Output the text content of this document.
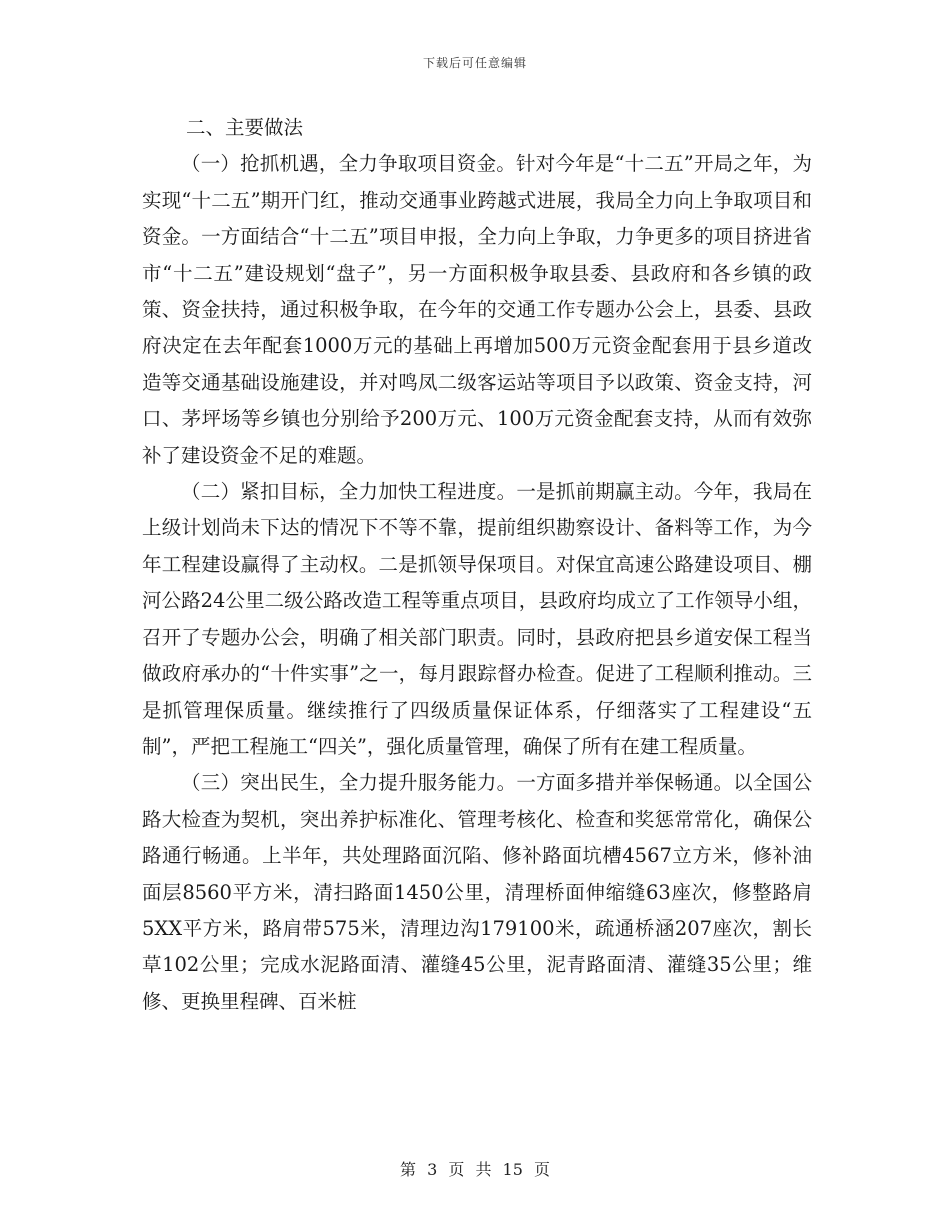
下载后可任意编辑

二、主要做法

（一）抢抓机遇，全力争取项目资金。针对今年是“十二五”开局之年，为实现“十二五”期开门红，推动交通事业跨越式进展，我局全力向上争取项目和资金。一方面结合“十二五”项目申报，全力向上争取，力争更多的项目挤进省市“十二五”建设规划“盘子”，另一方面积极争取县委、县政府和各乡镇的政策、资金扶持，通过积极争取，在今年的交通工作专题办公会上，县委、县政府决定在去年配套1000万元的基础上再增加500万元资金配套用于县乡道改造等交通基础设施建设，并对鸣凤二级客运站等项目予以政策、资金支持，河口、茅坪场等乡镇也分别给予200万元、100万元资金配套支持，从而有效弥补了建设资金不足的难题。

（二）紧扣目标，全力加快工程进度。一是抓前期赢主动。今年，我局在上级计划尚未下达的情况下不等不靠，提前组织勘察设计、备料等工作，为今年工程建设赢得了主动权。二是抓领导保项目。对保宜高速公路建设项目、棚河公路24公里二级公路改造工程等重点项目，县政府均成立了工作领导小组，召开了专题办公会，明确了相关部门职责。同时，县政府把县乡道安保工程当做政府承办的“十件实事”之一，每月跟踪督办检查。促进了工程顺利推动。三是抓管理保质量。继续推行了四级质量保证体系，仔细落实了工程建设“五制”，严把工程施工“四关”，强化质量管理，确保了所有在建工程质量。

（三）突出民生，全力提升服务能力。一方面多措并举保畅通。以全国公路大检查为契机，突出养护标准化、管理考核化、检查和奖惩常常化，确保公路通行畅通。上半年，共处理路面沉陷、修补路面坑槽4567立方米，修补油面层8560平方米，清扫路面1450公里，清理桥面伸缩缝63座次，修整路肩5XX平方米，路肩带575米，清理边沟179100米，疏通桥涵207座次，割长草102公里；完成水泥路面清、灌缝45公里，泥青路面清、灌缝35公里；维修、更换里程碑、百米桩

第 3 页 共 15 页
